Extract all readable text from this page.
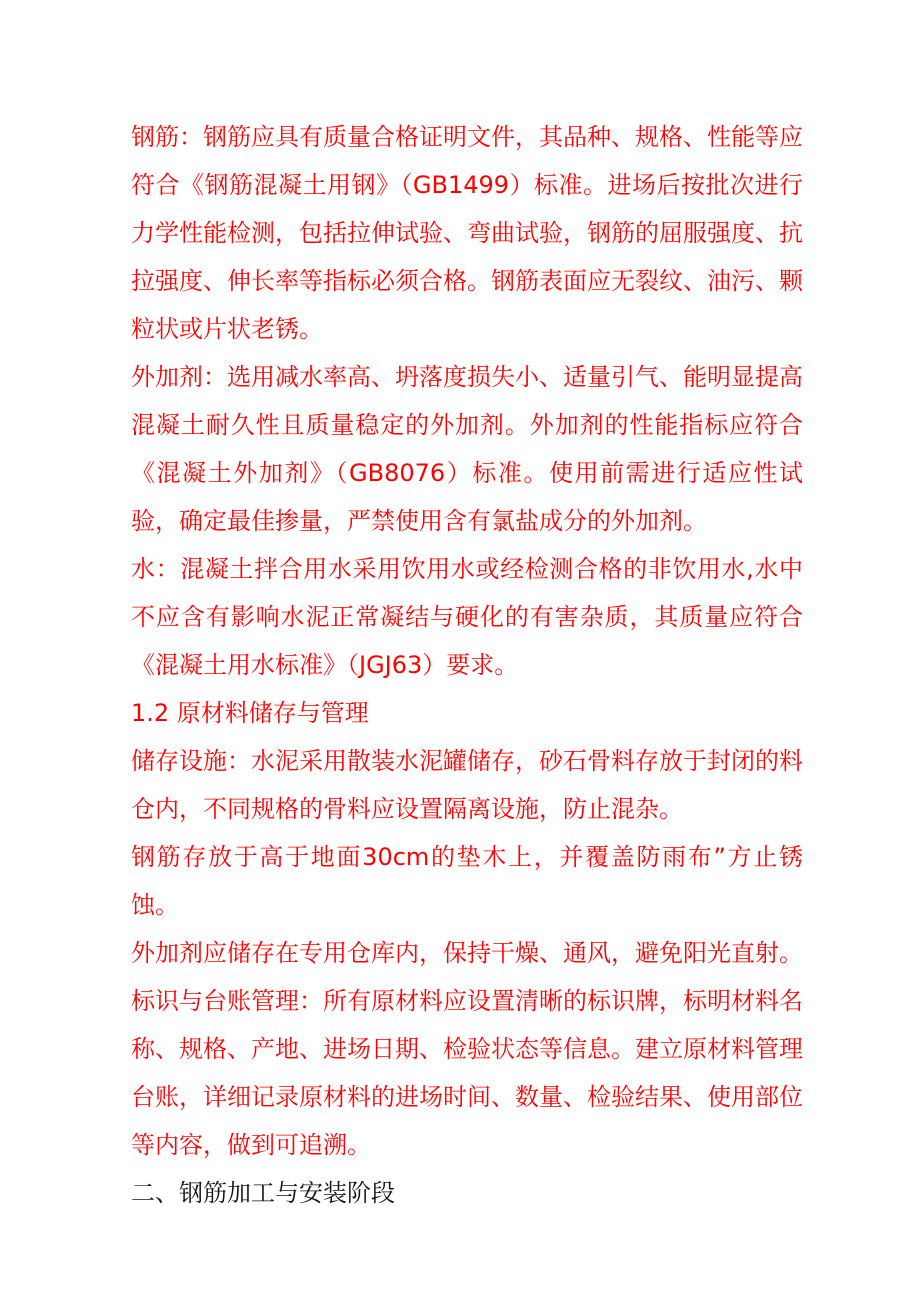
钢筋：钢筋应具有质量合格证明文件，其品种、规格、性能等应符合《钢筋混凝土用钢》（GB1499）标准。进场后按批次进行力学性能检测，包括拉伸试验、弯曲试验，钢筋的屈服强度、抗拉强度、伸长率等指标必须合格。钢筋表面应无裂纹、油污、颗粒状或片状老锈。

外加剂：选用减水率高、坍落度损失小、适量引气、能明显提高混凝土耐久性且质量稳定的外加剂。外加剂的性能指标应符合《混凝土外加剂》（GB8076）标准。使用前需进行适应性试验，确定最佳掺量，严禁使用含有氯盐成分的外加剂。

水：混凝土拌合用水采用饮用水或经检测合格的非饮用水,水中不应含有影响水泥正常凝结与硬化的有害杂质，其质量应符合《混凝土用水标准》（JGJ63）要求。

1.2 原材料储存与管理

储存设施：水泥采用散装水泥罐储存，砂石骨料存放于封闭的料仓内，不同规格的骨料应设置隔离设施，防止混杂。

钢筋存放于高于地面30cm的垫木上，并覆盖防雨布”方止锈蚀。

外加剂应储存在专用仓库内，保持干燥、通风，避免阳光直射。

标识与台账管理：所有原材料应设置清晰的标识牌，标明材料名称、规格、产地、进场日期、检验状态等信息。建立原材料管理台账，详细记录原材料的进场时间、数量、检验结果、使用部位等内容，做到可追溯。

二、钢筋加工与安装阶段
